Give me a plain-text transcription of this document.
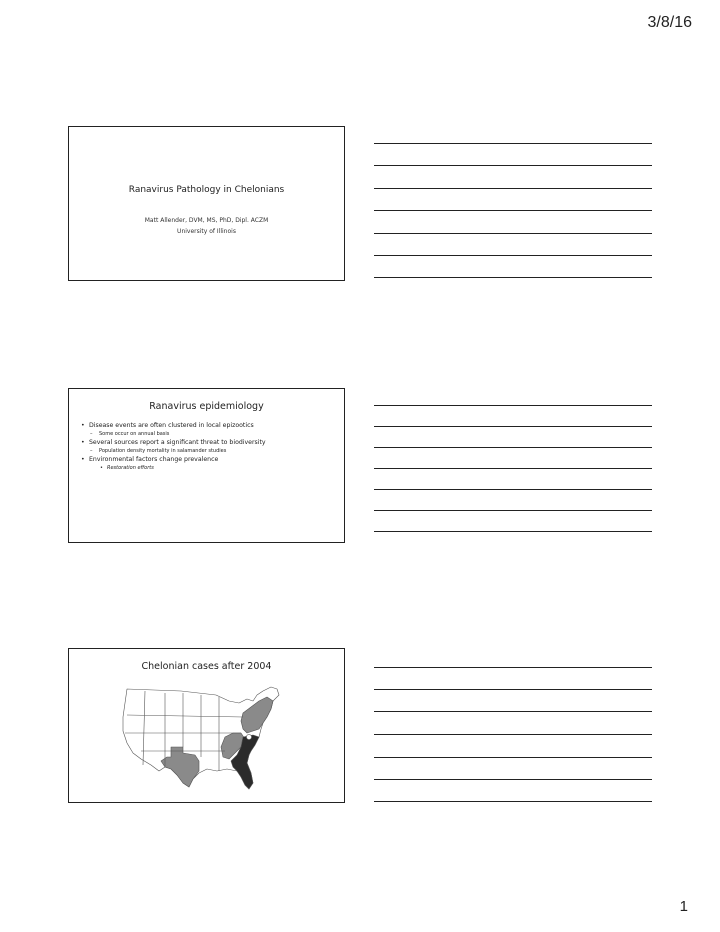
3/8/16
Ranavirus Pathology in Chelonians
Matt Allender, DVM, MS, PhD, Dipl. ACZM
University of Illinois
Ranavirus epidemiology
• Disease events are often clustered in local epizootics
– Some occur on annual basis
• Several sources report a significant threat to biodiversity
– Population density mortality in salamander studies
• Environmental factors change prevalence
• Restoration efforts
Chelonian cases after 2004
1
